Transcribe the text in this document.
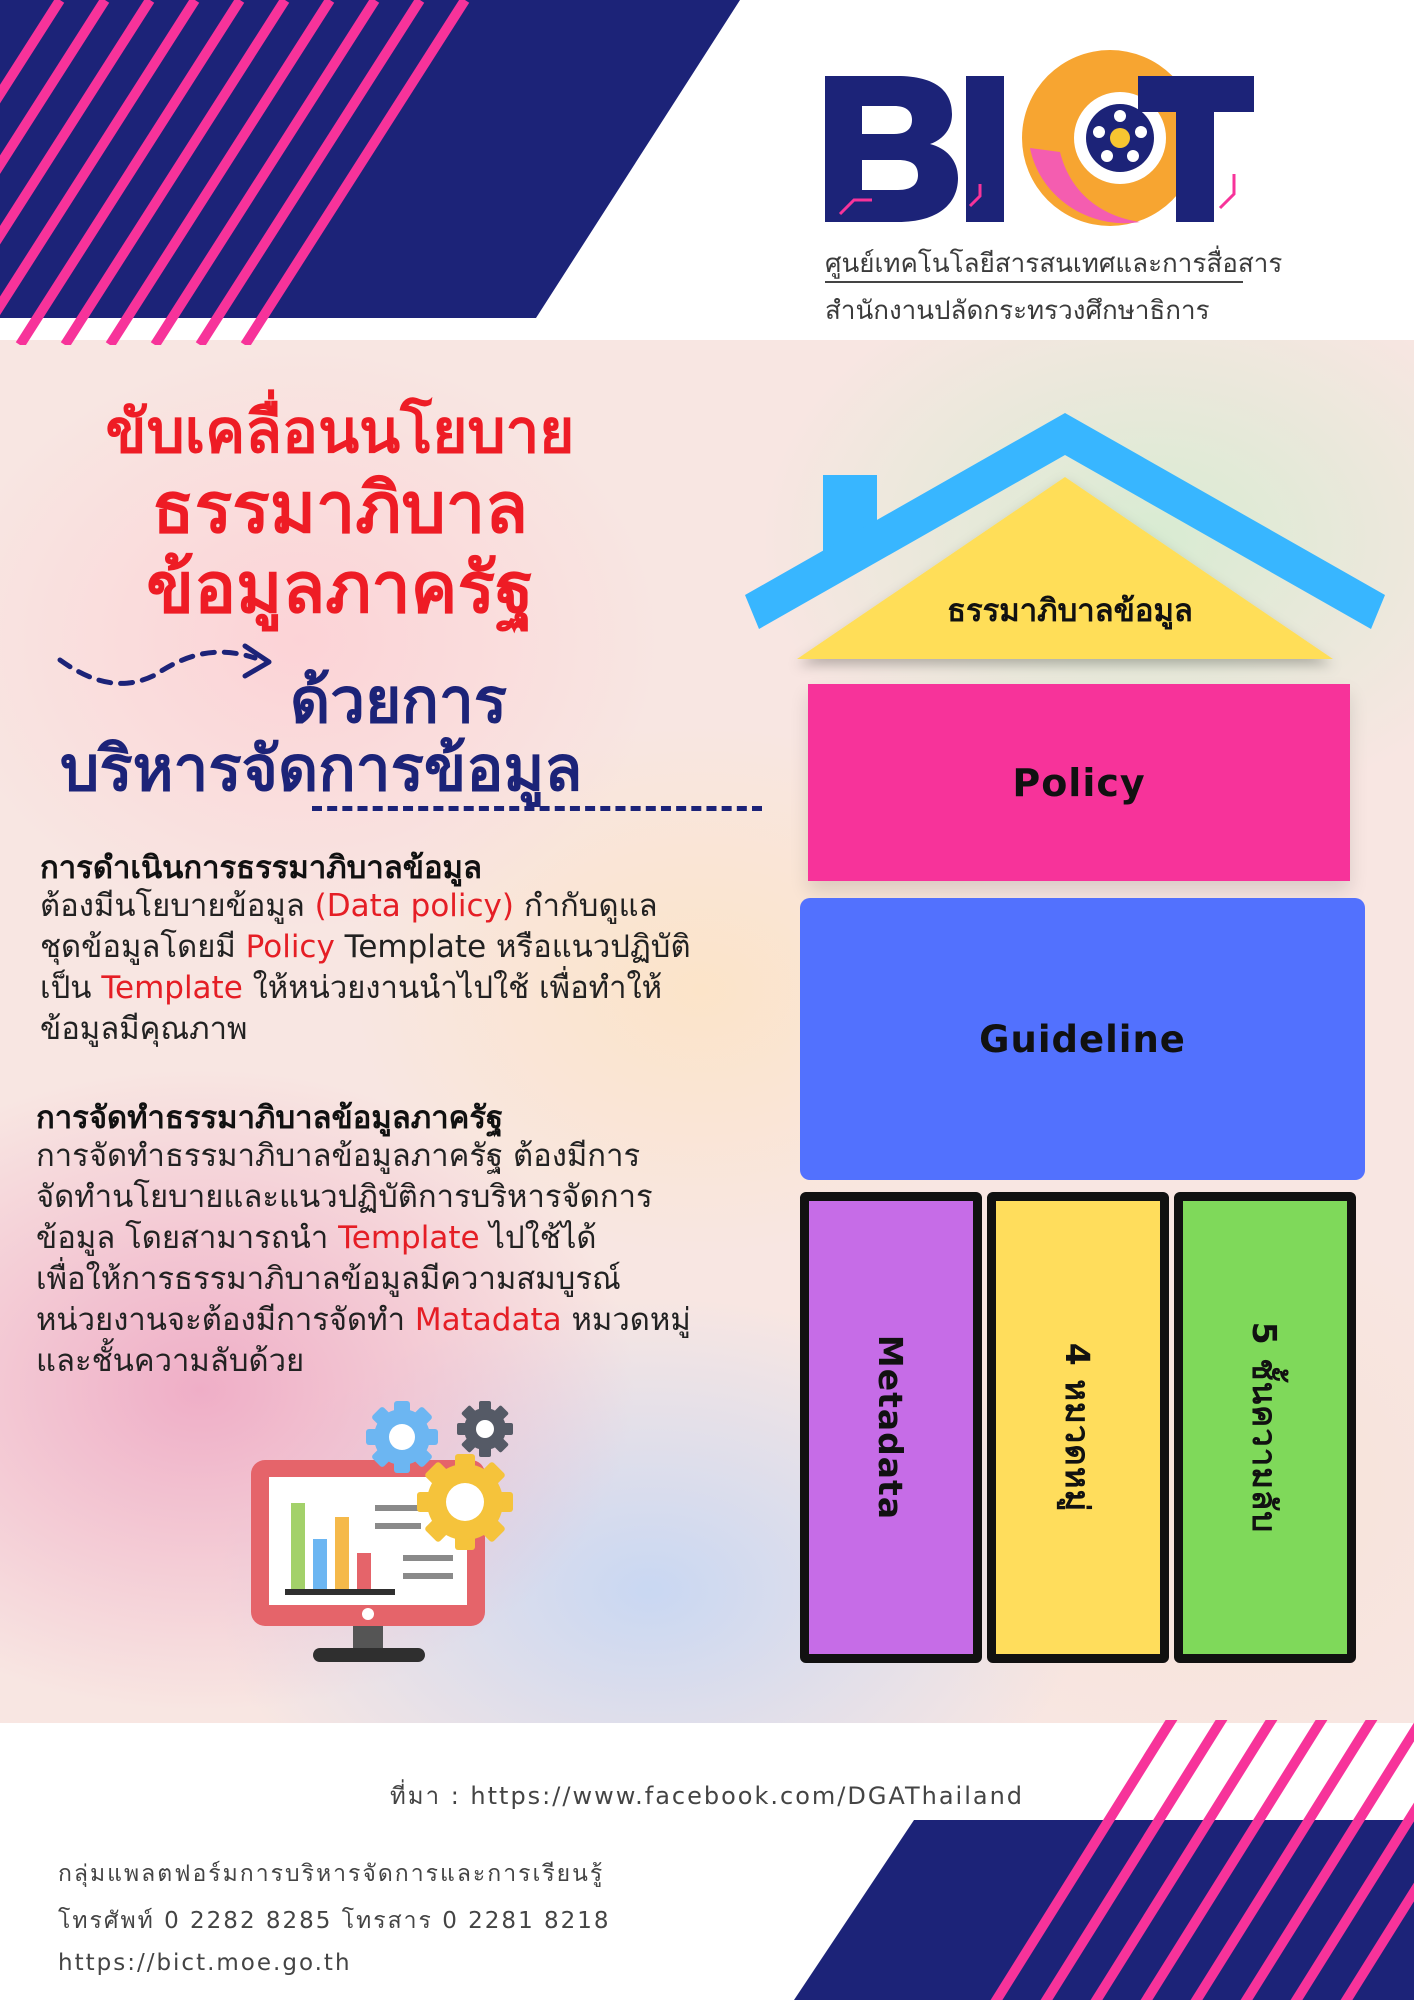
ศูนย์เทคโนโลยีสารสนเทศและการสื่อสาร
สำนักงานปลัดกระทรวงศึกษาธิการ
ขับเคลื่อนนโยบาย
ธรรมาภิบาล
ข้อมูลภาครัฐ
ด้วยการ
บริหารจัดการข้อมูล
การดำเนินการธรรมาภิบาลข้อมูล
ต้องมีนโยบายข้อมูล (Data policy) กำกับดูแล
ชุดข้อมูลโดยมี Policy Template หรือแนวปฏิบัติ
เป็น Template ให้หน่วยงานนำไปใช้ เพื่อทำให้
ข้อมูลมีคุณภาพ
การจัดทำธรรมาภิบาลข้อมูลภาครัฐ
การจัดทำธรรมาภิบาลข้อมูลภาครัฐ ต้องมีการ
จัดทำนโยบายและแนวปฏิบัติการบริหารจัดการ
ข้อมูล โดยสามารถนำ Template ไปใช้ได้
เพื่อให้การธรรมาภิบาลข้อมูลมีความสมบูรณ์
หน่วยงานจะต้องมีการจัดทำ Matadata หมวดหมู่
และชั้นความลับด้วย
ธรรมาภิบาลข้อมูล
Policy
Guideline
Metadata	4 หมวดหมู่	5 ชั้นความลับ
ที่มา : https://www.facebook.com/DGAThailand
กลุ่มแพลตฟอร์มการบริหารจัดการและการเรียนรู้
โทรศัพท์ 0 2282 8285 โทรสาร 0 2281 8218
https://bict.moe.go.th
